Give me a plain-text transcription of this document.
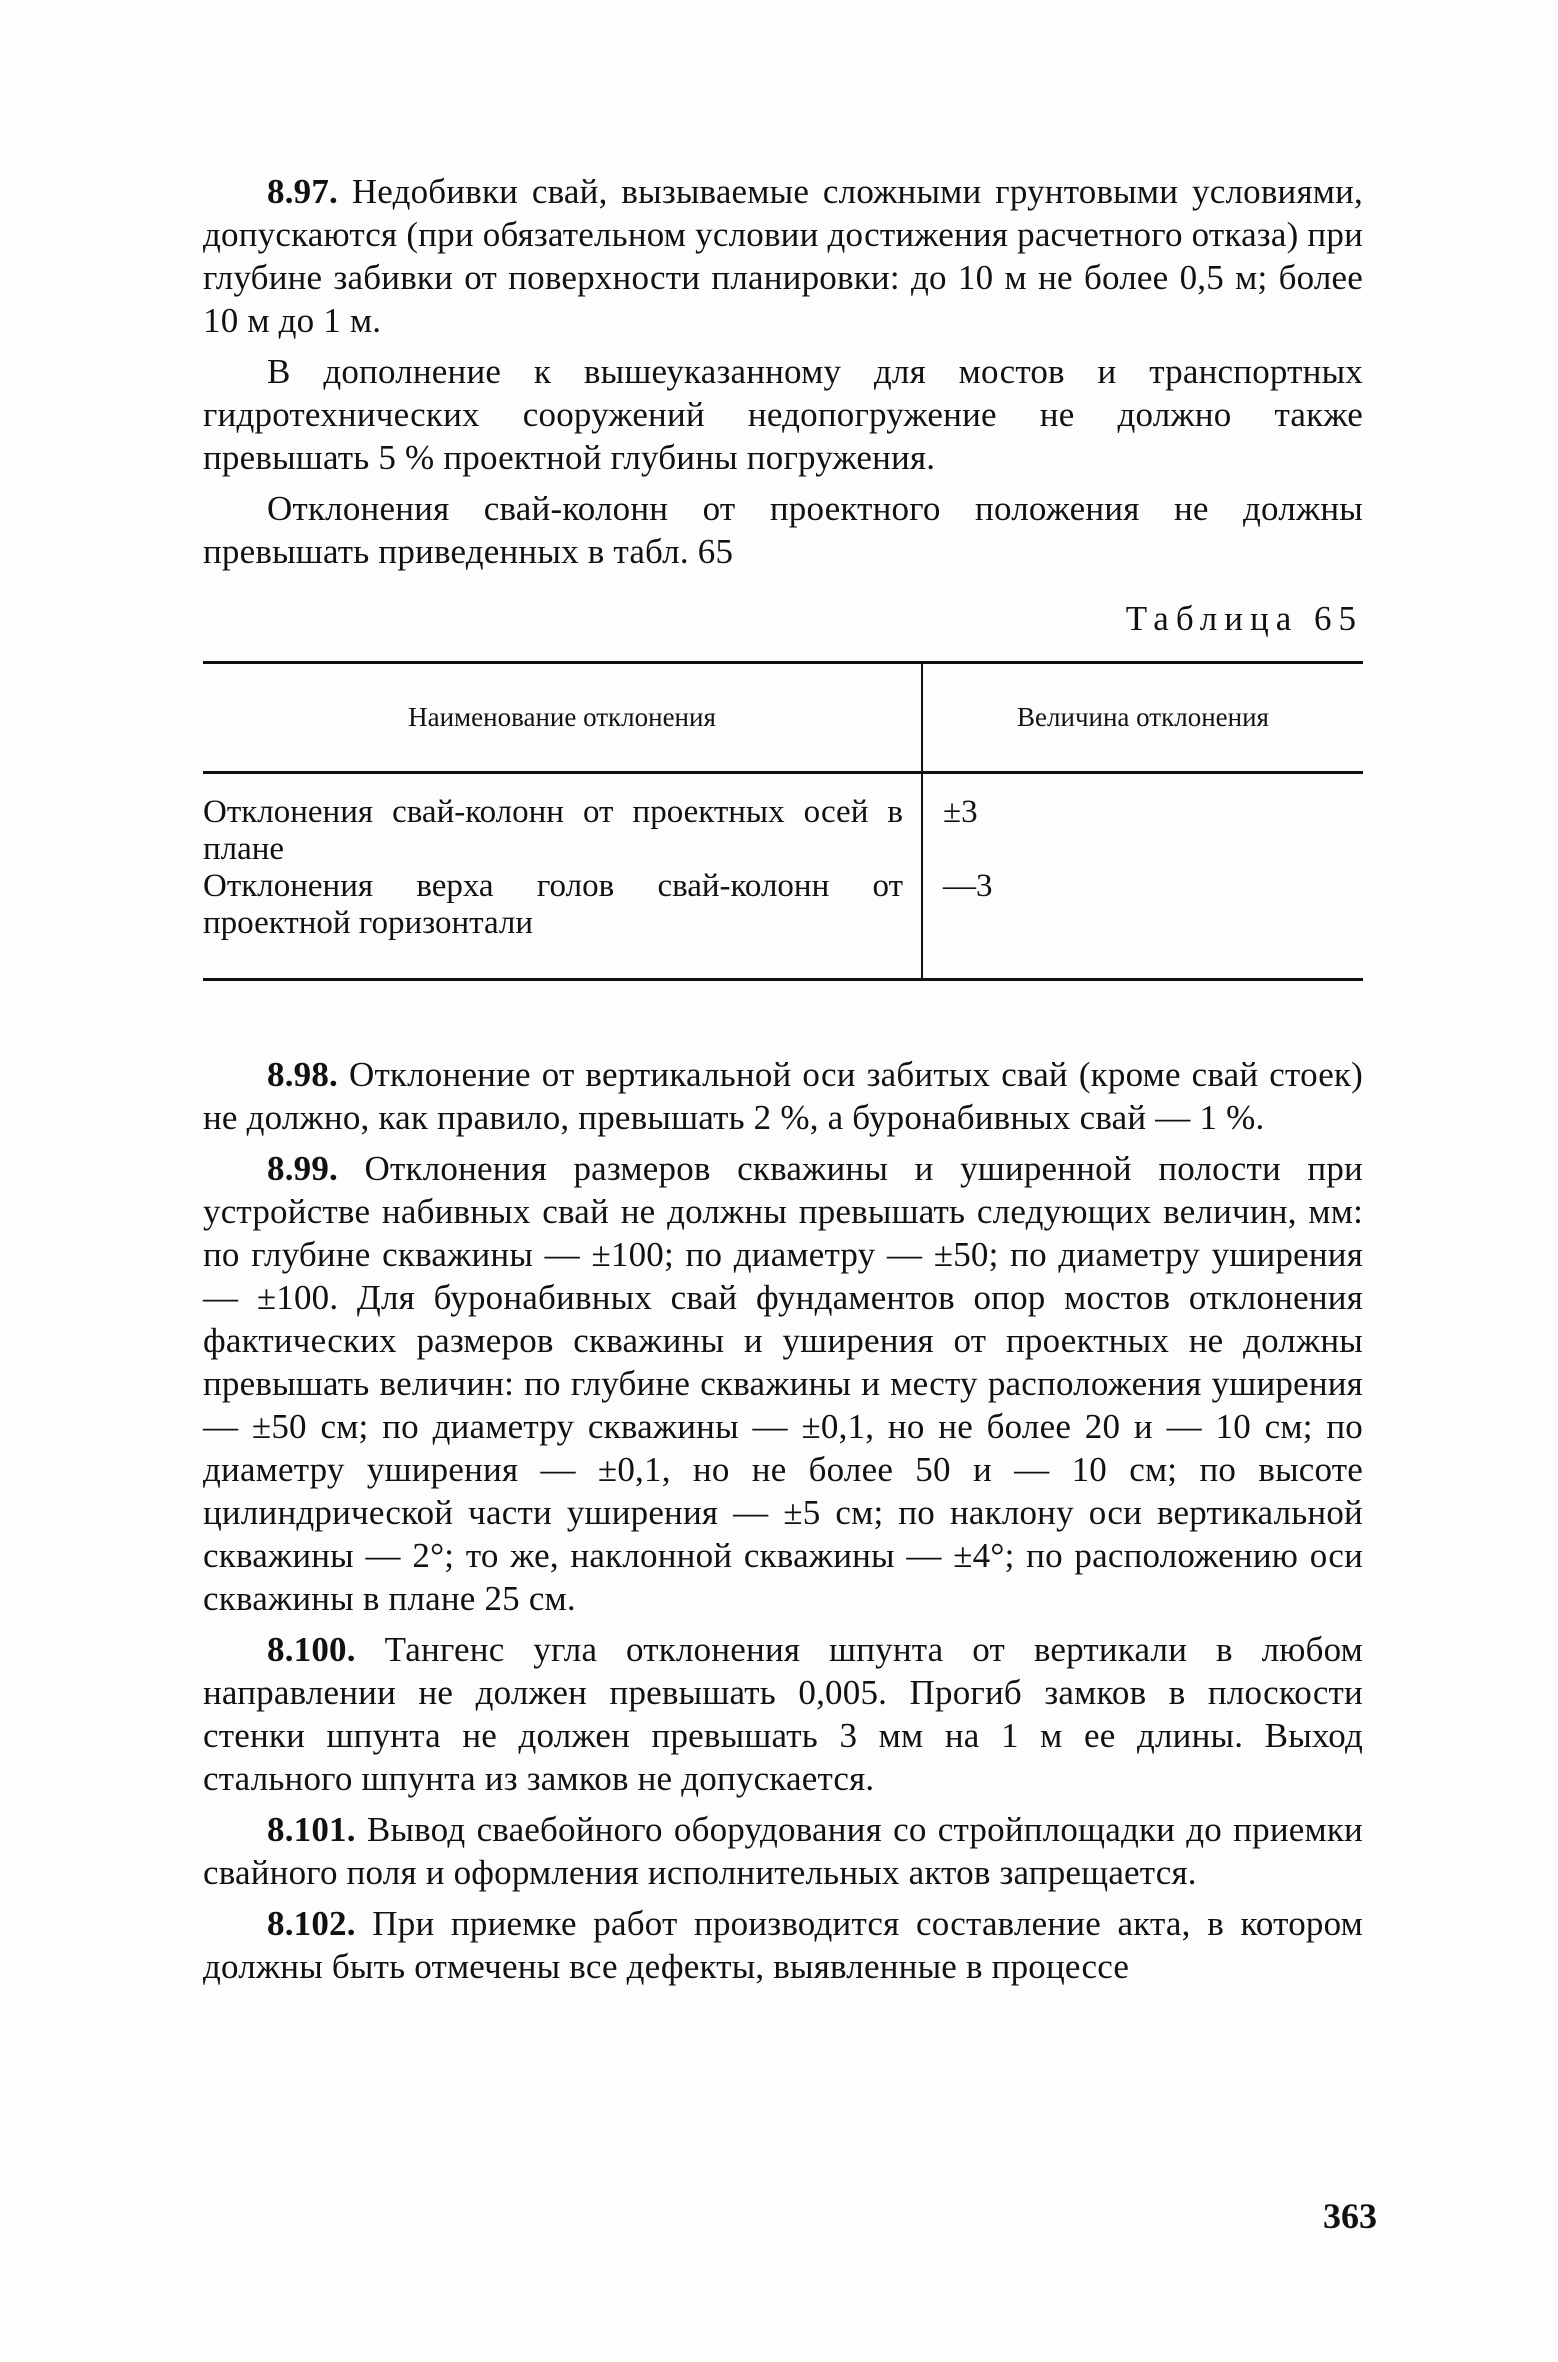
8.97. Недобивки свай, вызываемые сложными грунтовыми условиями, допускаются (при обязательном условии достижения расчетного отказа) при глубине забивки от поверхности планировки: до 10 м не более 0,5 м; более 10 м до 1 м.

В дополнение к вышеуказанному для мостов и транспортных гидротехнических сооружений недопогружение не должно также превышать 5 % проектной глубины погружения.

Отклонения свай-колонн от проектного положения не должны превышать приведенных в табл. 65

Таблица 65
Наименование отклонения	Величина отклонения
Отклонения свай-колонн от проектных осей в плане	±3
Отклонения верха голов свай-колонн от проектной горизонтали	—3

8.98. Отклонение от вертикальной оси забитых свай (кроме свай стоек) не должно, как правило, превышать 2 %, а буронабивных свай — 1 %.

8.99. Отклонения размеров скважины и уширенной полости при устройстве набивных свай не должны превышать следующих величин, мм: по глубине скважины — ±100; по диаметру — ±50; по диаметру уширения — ±100. Для буронабивных свай фундаментов опор мостов отклонения фактических размеров скважины и уширения от проектных не должны превышать величин: по глубине скважины и месту расположения уширения — ±50 см; по диаметру скважины — ±0,1, но не более 20 и — 10 см; по диаметру уширения — ±0,1, но не более 50 и — 10 см; по высоте цилиндрической части уширения — ±5 см; по наклону оси вертикальной скважины — 2°; то же, наклонной скважины — ±4°; по расположению оси скважины в плане 25 см.

8.100. Тангенс угла отклонения шпунта от вертикали в любом направлении не должен превышать 0,005. Прогиб замков в плоскости стенки шпунта не должен превышать 3 мм на 1 м ее длины. Выход стального шпунта из замков не допускается.

8.101. Вывод сваебойного оборудования со стройплощадки до приемки свайного поля и оформления исполнительных актов запрещается.

8.102. При приемке работ производится составление акта, в котором должны быть отмечены все дефекты, выявленные в процессе

363
